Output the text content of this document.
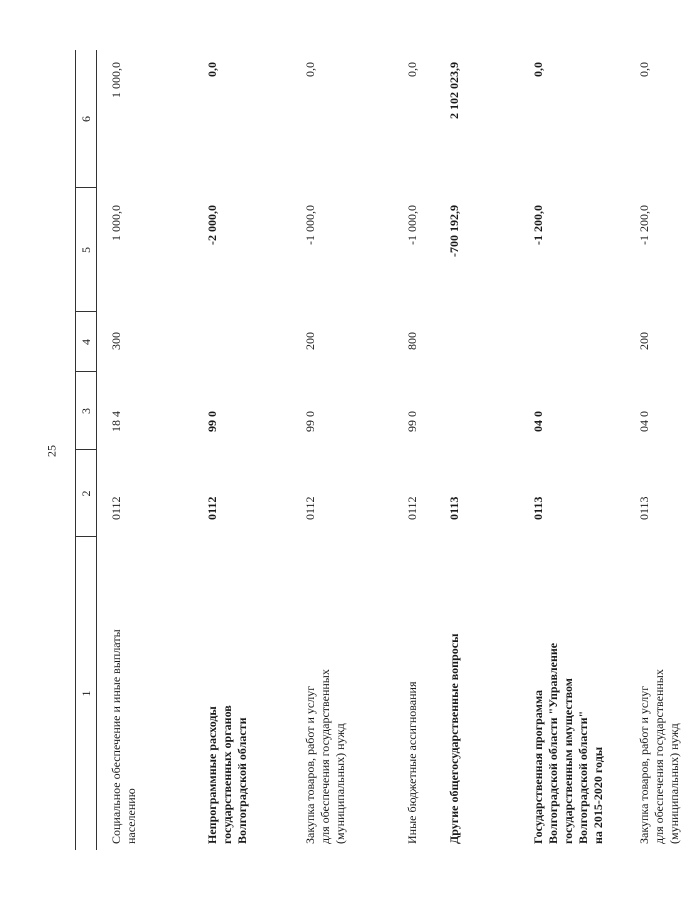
25
1
2
3
4
5
6
Социальное обеспечение и иные выплаты населению
0112
18 4
300
1 000,0
1 000,0
Непрограммные расходы государственных органов Волгоградской области
0112
99 0
-2 000,0
0,0
Закупка товаров, работ и услуг для обеспечения государственных (муниципальных) нужд
0112
99 0
200
-1 000,0
0,0
Иные бюджетные ассигнования
0112
99 0
800
-1 000,0
0,0
Другие общегосударственные вопросы
0113
-700 192,9
2 102 023,9
Государственная программа Волгоградской области "Управление государственным имуществом Волгоградской области" на 2015-2020 годы
0113
04 0
-1 200,0
0,0
Закупка товаров, работ и услуг для обеспечения государственных (муниципальных) нужд
0113
04 0
200
-1 200,0
0,0
